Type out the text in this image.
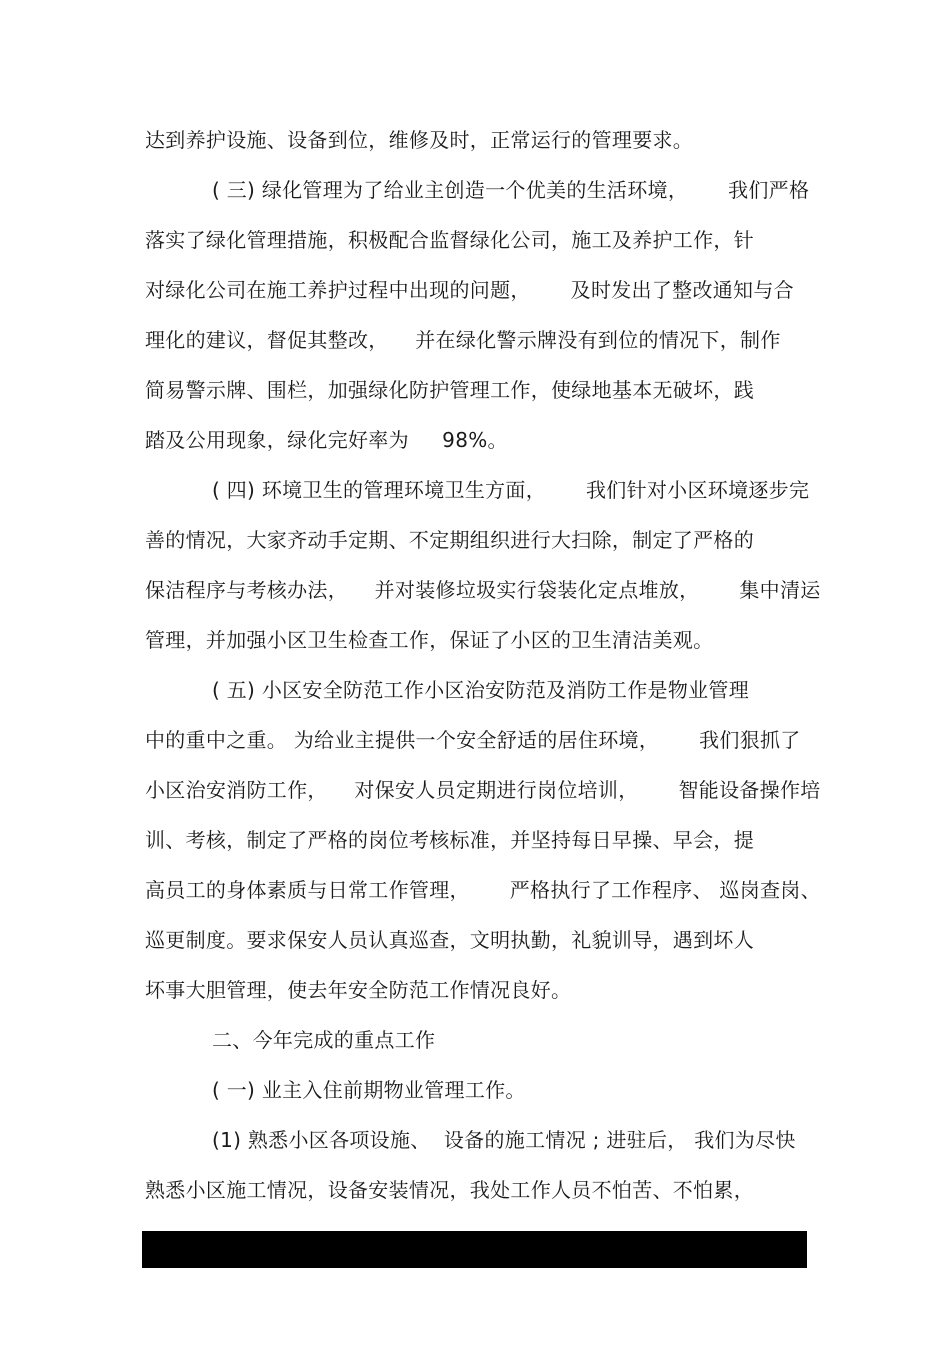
达到养护设施、设备到位，维修及时，正常运行的管理要求。
( 三) 绿化管理为了给业主创造一个优美的生活环境，      我们严格
落实了绿化管理措施，积极配合监督绿化公司，施工及养护工作，针
对绿化公司在施工养护过程中出现的问题，      及时发出了整改通知与合
理化的建议，督促其整改，    并在绿化警示牌没有到位的情况下，制作
简易警示牌、围栏，加强绿化防护管理工作，使绿地基本无破坏，践
踏及公用现象，绿化完好率为     98%。
( 四) 环境卫生的管理环境卫生方面，      我们针对小区环境逐步完
善的情况，大家齐动手定期、不定期组织进行大扫除，制定了严格的
保洁程序与考核办法，    并对装修垃圾实行袋装化定点堆放，      集中清运
管理，并加强小区卫生检查工作，保证了小区的卫生清洁美观。
( 五) 小区安全防范工作小区治安防范及消防工作是物业管理
中的重中之重。 为给业主提供一个安全舒适的居住环境，      我们狠抓了
小区治安消防工作，    对保安人员定期进行岗位培训，      智能设备操作培
训、考核，制定了严格的岗位考核标准，并坚持每日早操、早会，提
高员工的身体素质与日常工作管理，      严格执行了工作程序、 巡岗查岗、
巡更制度。要求保安人员认真巡查，文明执勤，礼貌训导，遇到坏人
坏事大胆管理，使去年安全防范工作情况良好。
二、今年完成的重点工作
( 一) 业主入住前期物业管理工作。
(1) 熟悉小区各项设施、  设备的施工情况 ; 进驻后， 我们为尽快
熟悉小区施工情况，设备安装情况，我处工作人员不怕苦、不怕累，
